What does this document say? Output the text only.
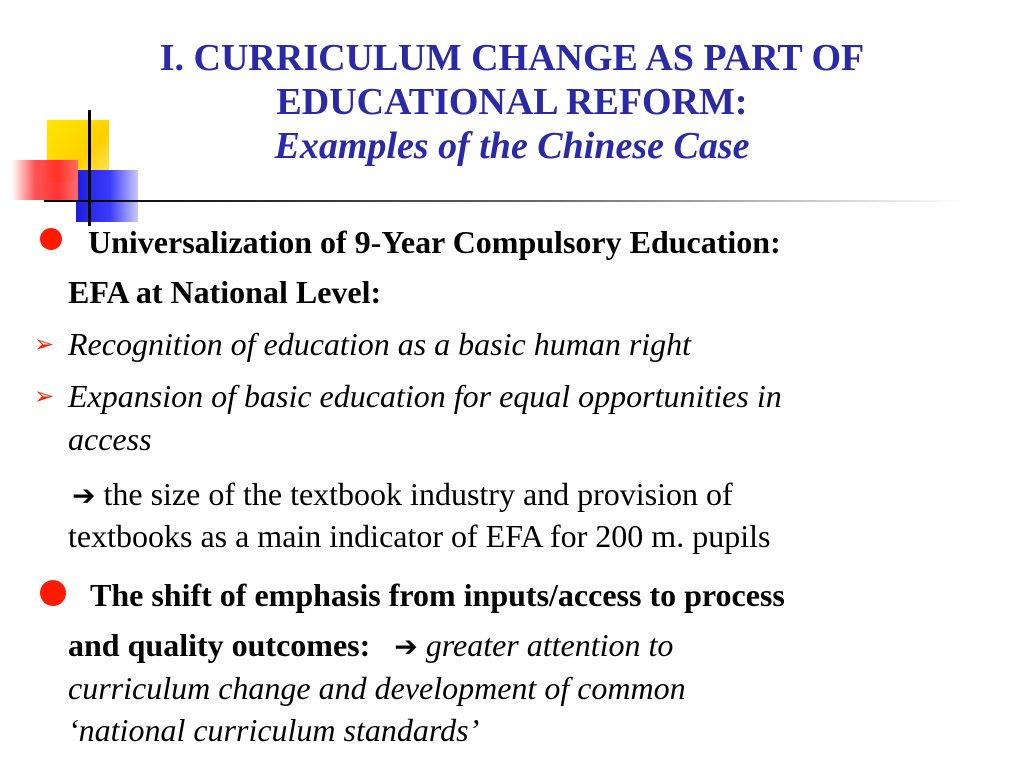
I. CURRICULUM CHANGE AS PART OF
EDUCATIONAL REFORM:
Examples of the Chinese Case
Universalization of 9-Year Compulsory Education:
EFA at National Level:
➢ Recognition of education as a basic human right
➢ Expansion of basic education for equal opportunities in
access
➔ the size of the textbook industry and provision of
textbooks as a main indicator of EFA for 200 m. pupils
The shift of emphasis from inputs/access to process
and quality outcomes: ➔ greater attention to
curriculum change and development of common
‘national curriculum standards’
